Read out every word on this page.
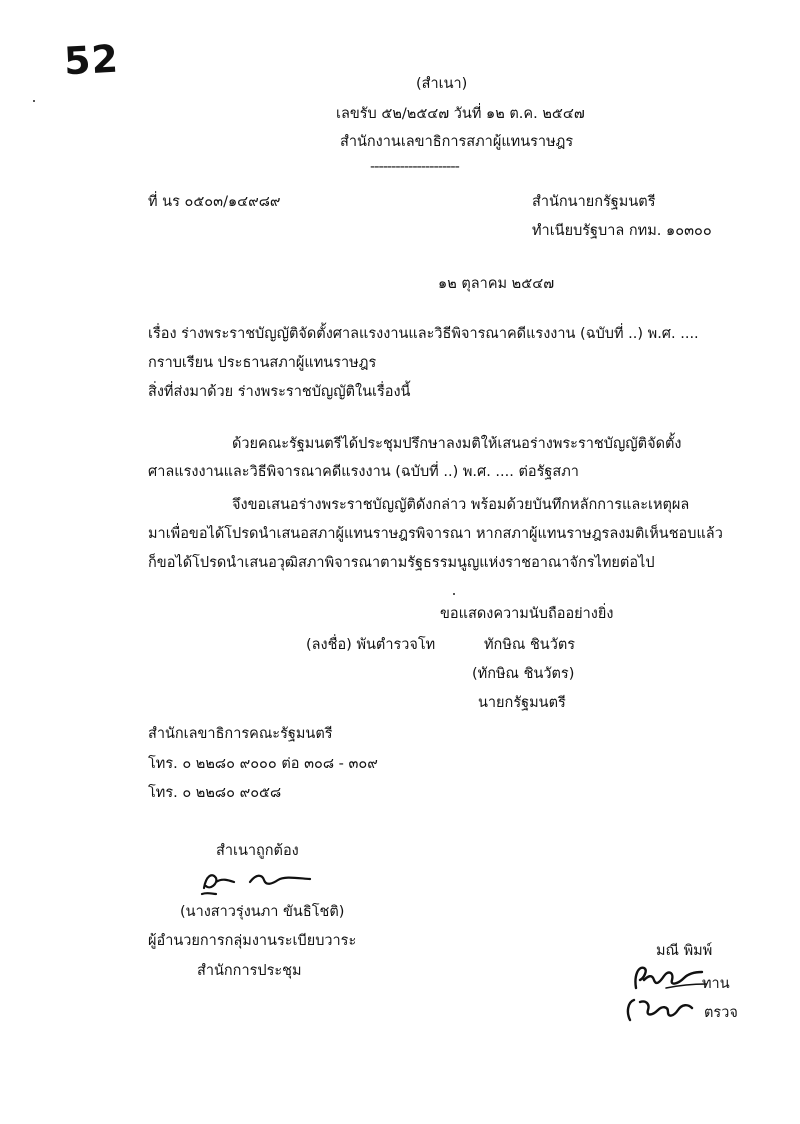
52
(สำเนา)
เลขรับ ๕๒/๒๕๔๗ วันที่ ๑๒ ต.ค. ๒๕๔๗
สำนักงานเลขาธิการสภาผู้แทนราษฎร
---------------------
ที่ นร ๐๕๐๓/๑๔๙๘๙	สำนักนายกรัฐมนตรี
ทำเนียบรัฐบาล กทม. ๑๐๓๐๐
๑๒ ตุลาคม ๒๕๔๗
เรื่อง ร่างพระราชบัญญัติจัดตั้งศาลแรงงานและวิธีพิจารณาคดีแรงงาน (ฉบับที่ ..) พ.ศ. ....
กราบเรียน ประธานสภาผู้แทนราษฎร
สิ่งที่ส่งมาด้วย ร่างพระราชบัญญัติในเรื่องนี้
ด้วยคณะรัฐมนตรีได้ประชุมปรึกษาลงมติให้เสนอร่างพระราชบัญญัติจัดตั้ง
ศาลแรงงานและวิธีพิจารณาคดีแรงงาน (ฉบับที่ ..) พ.ศ. .... ต่อรัฐสภา
จึงขอเสนอร่างพระราชบัญญัติดังกล่าว พร้อมด้วยบันทึกหลักการและเหตุผล
มาเพื่อขอได้โปรดนำเสนอสภาผู้แทนราษฎรพิจารณา หากสภาผู้แทนราษฎรลงมติเห็นชอบแล้ว
ก็ขอได้โปรดนำเสนอวุฒิสภาพิจารณาตามรัฐธรรมนูญแห่งราชอาณาจักรไทยต่อไป
ขอแสดงความนับถืออย่างยิ่ง
(ลงชื่อ) พันตำรวจโท	ทักษิณ ชินวัตร
(ทักษิณ ชินวัตร)
นายกรัฐมนตรี
สำนักเลขาธิการคณะรัฐมนตรี
โทร. ๐ ๒๒๘๐ ๙๐๐๐ ต่อ ๓๐๘ - ๓๐๙
โทร. ๐ ๒๒๘๐ ๙๐๕๘
สำเนาถูกต้อง
(นางสาวรุ่งนภา ขันธิโชติ)
ผู้อำนวยการกลุ่มงานระเบียบวาระ
สำนักการประชุม
มณี พิมพ์
ทาน
ตรวจ
